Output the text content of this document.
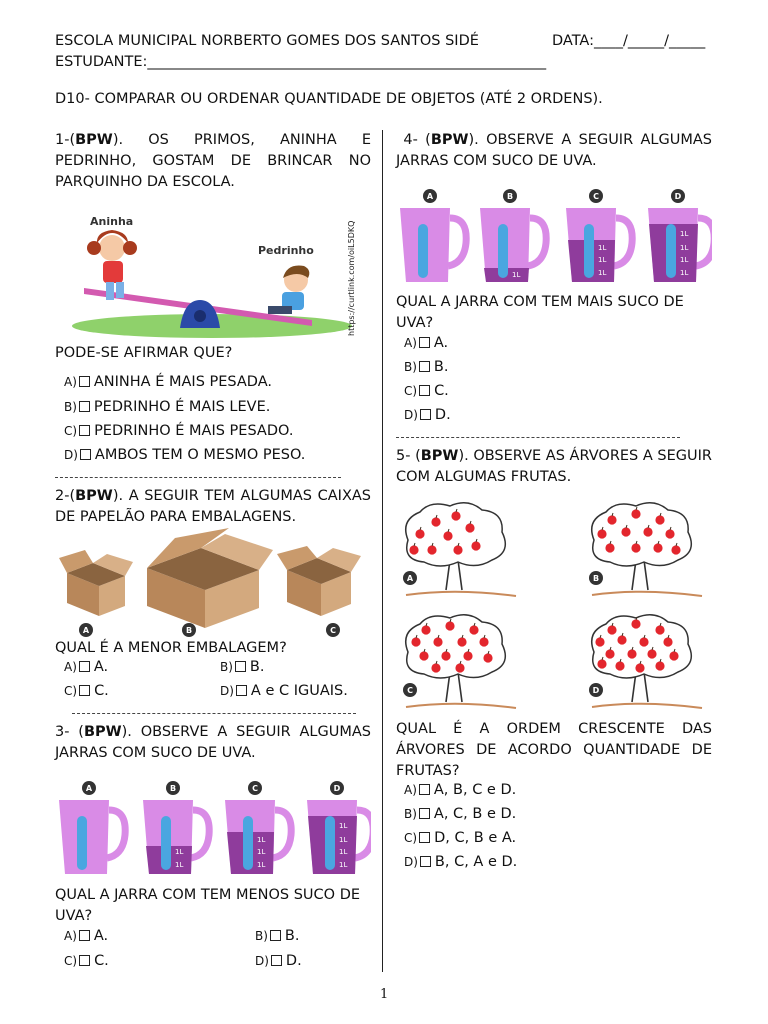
ESCOLA MUNICIPAL NORBERTO GOMES DOS SANTOS SIDÉ	DATA:____/_____/_____
ESTUDANTE:_______________________________________________________
D10- COMPARAR OU ORDENAR QUANTIDADE DE OBJETOS (ATÉ 2 ORDENS).
1-(BPW). OS PRIMOS, ANINHA E PEDRINHO, GOSTAM DE BRINCAR NO PARQUINHO DA ESCOLA.
Aninha
Pedrinho	https://curtlink.com/oiL5DKQ
PODE-SE AFIRMAR QUE?
A) ANINHA É MAIS PESADA.
B) PEDRINHO É MAIS LEVE.
C) PEDRINHO É MAIS PESADO.
D) AMBOS TEM O MESMO PESO.
2-(BPW). A SEGUIR TEM ALGUMAS CAIXAS DE PAPELÃO PARA EMBALAGENS.
A	B	C
QUAL É A MENOR EMBALAGEM?
A) A.	B) B.
C) C.	D) A e C IGUAIS.
3- (BPW). OBSERVE A SEGUIR ALGUMAS JARRAS COM SUCO DE UVA.
A	B
1L
1L
C
1L
1L
1L
D
1L
1L
1L
1L
QUAL A JARRA COM TEM MENOS SUCO DE UVA?
A) A.	B) B.
C) C.	D) D.
4- (BPW). OBSERVE A SEGUIR ALGUMAS JARRAS COM SUCO DE UVA.
A	B
1L
C
1L
1L
1L
D
1L
1L
1L
1L
QUAL A JARRA COM TEM MAIS SUCO DE UVA?
A) A.
B) B.
C) C.
D) D.
5- (BPW). OBSERVE AS ÁRVORES A SEGUIR COM ALGUMAS FRUTAS.
A	B
C	D
QUAL É A ORDEM CRESCENTE DAS ÁRVORES DE ACORDO QUANTIDADE DE FRUTAS?
A) A, B, C e D.
B) A, C, B e D.
C) D, C, B e A.
D) B, C, A e D.
1
